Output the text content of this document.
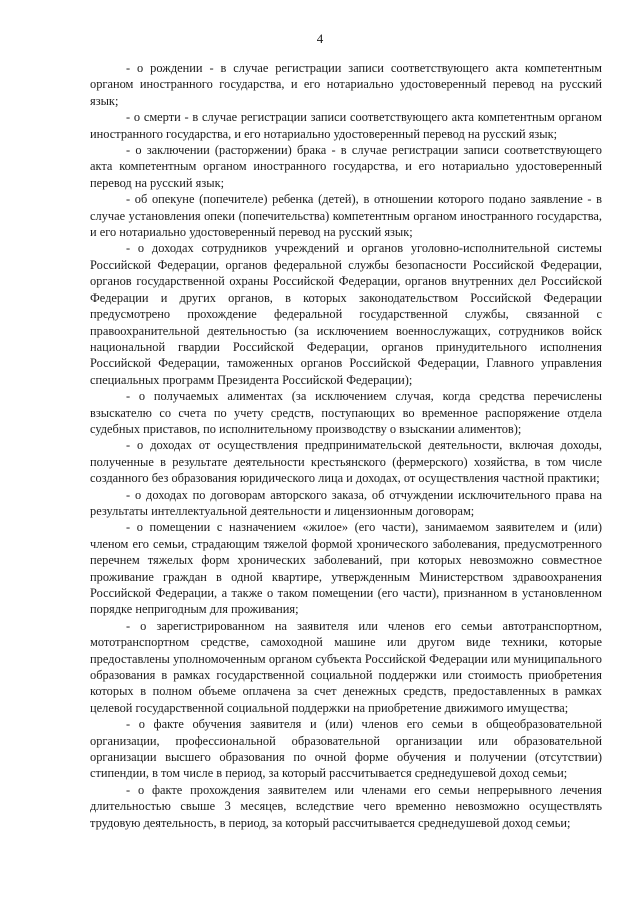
4

- о рождении - в случае регистрации записи соответствующего акта компетентным органом иностранного государства, и его нотариально удостоверенный перевод на русский язык;

- о смерти - в случае регистрации записи соответствующего акта компетентным органом иностранного государства, и его нотариально удостоверенный перевод на русский язык;

- о заключении (расторжении) брака - в случае регистрации записи соответствующего акта компетентным органом иностранного государства, и его нотариально удостоверенный перевод на русский язык;

- об опекуне (попечителе) ребенка (детей), в отношении которого подано заявление - в случае установления опеки (попечительства) компетентным органом иностранного государства, и его нотариально удостоверенный перевод на русский язык;

- о доходах сотрудников учреждений и органов уголовно-исполнительной системы Российской Федерации, органов федеральной службы безопасности Российской Федерации, органов государственной охраны Российской Федерации, органов внутренних дел Российской Федерации и других органов, в которых законодательством Российской Федерации предусмотрено прохождение федеральной государственной службы, связанной с правоохранительной деятельностью (за исключением военнослужащих, сотрудников войск национальной гвардии Российской Федерации, органов принудительного исполнения Российской Федерации, таможенных органов Российской Федерации, Главного управления специальных программ Президента Российской Федерации);

- о получаемых алиментах (за исключением случая, когда средства перечислены взыскателю со счета по учету средств, поступающих во временное распоряжение отдела судебных приставов, по исполнительному производству о взыскании алиментов);

- о доходах от осуществления предпринимательской деятельности, включая доходы, полученные в результате деятельности крестьянского (фермерского) хозяйства, в том числе созданного без образования юридического лица и доходах, от осуществления частной практики;

- о доходах по договорам авторского заказа, об отчуждении исключительного права на результаты интеллектуальной деятельности и лицензионным договорам;

- о помещении с назначением «жилое» (его части), занимаемом заявителем и (или) членом его семьи, страдающим тяжелой формой хронического заболевания, предусмотренного перечнем тяжелых форм хронических заболеваний, при которых невозможно совместное проживание граждан в одной квартире, утвержденным Министерством здравоохранения Российской Федерации, а также о таком помещении (его части), признанном в установленном порядке непригодным для проживания;

- о зарегистрированном на заявителя или членов его семьи автотранспортном, мототранспортном средстве, самоходной машине или другом виде техники, которые предоставлены уполномоченным органом субъекта Российской Федерации или муниципального образования в рамках государственной социальной поддержки или стоимость приобретения которых в полном объеме оплачена за счет денежных средств, предоставленных в рамках целевой государственной социальной поддержки на приобретение движимого имущества;

- о факте обучения заявителя и (или) членов его семьи в общеобразовательной организации, профессиональной образовательной организации или образовательной организации высшего образования по очной форме обучения и получении (отсутствии) стипендии, в том числе в период, за который рассчитывается среднедушевой доход семьи;

- о факте прохождения заявителем или членами его семьи непрерывного лечения длительностью свыше 3 месяцев, вследствие чего временно невозможно осуществлять трудовую деятельность, в период, за который рассчитывается среднедушевой доход семьи;
